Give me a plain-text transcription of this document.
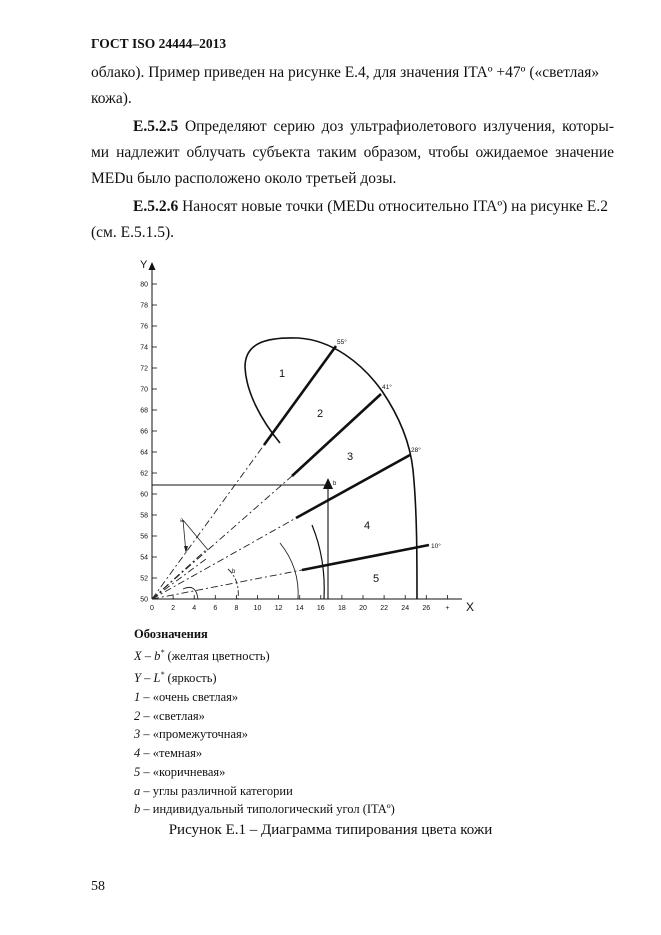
ГОСТ ISO 24444–2013
облако). Пример приведен на рисунке E.4, для значения ITAº +47º («светлая»
кожа).
E.5.2.5 Определяют серию доз ультрафиолетового излучения, которы-
ми надлежит облучать субъекта таким образом, чтобы ожидаемое значение
MEDu было расположено около третьей дозы.
E.5.2.6 Наносят новые точки (MEDu относительно ITAº) на рисунке E.2
(см. E.5.1.5).
Y
X
0 2 4 6 8 10 12 14 16 18 20 22 24 26 +
50
52
54
56
58
60
62
64
66
68
70
72
74
76
78
80
b
a
b
55°
41°
28°
10°
1
2
3
4
5
Обозначения
X – b* (желтая цветность)
Y – L* (яркость)
1 – «очень светлая»
2 – «светлая»
3 – «промежуточная»
4 – «темная»
5 – «коричневая»
a – углы различной категории
b – индивидуальный типологический угол (ITAº)
Рисунок E.1 – Диаграмма типирования цвета кожи
58
